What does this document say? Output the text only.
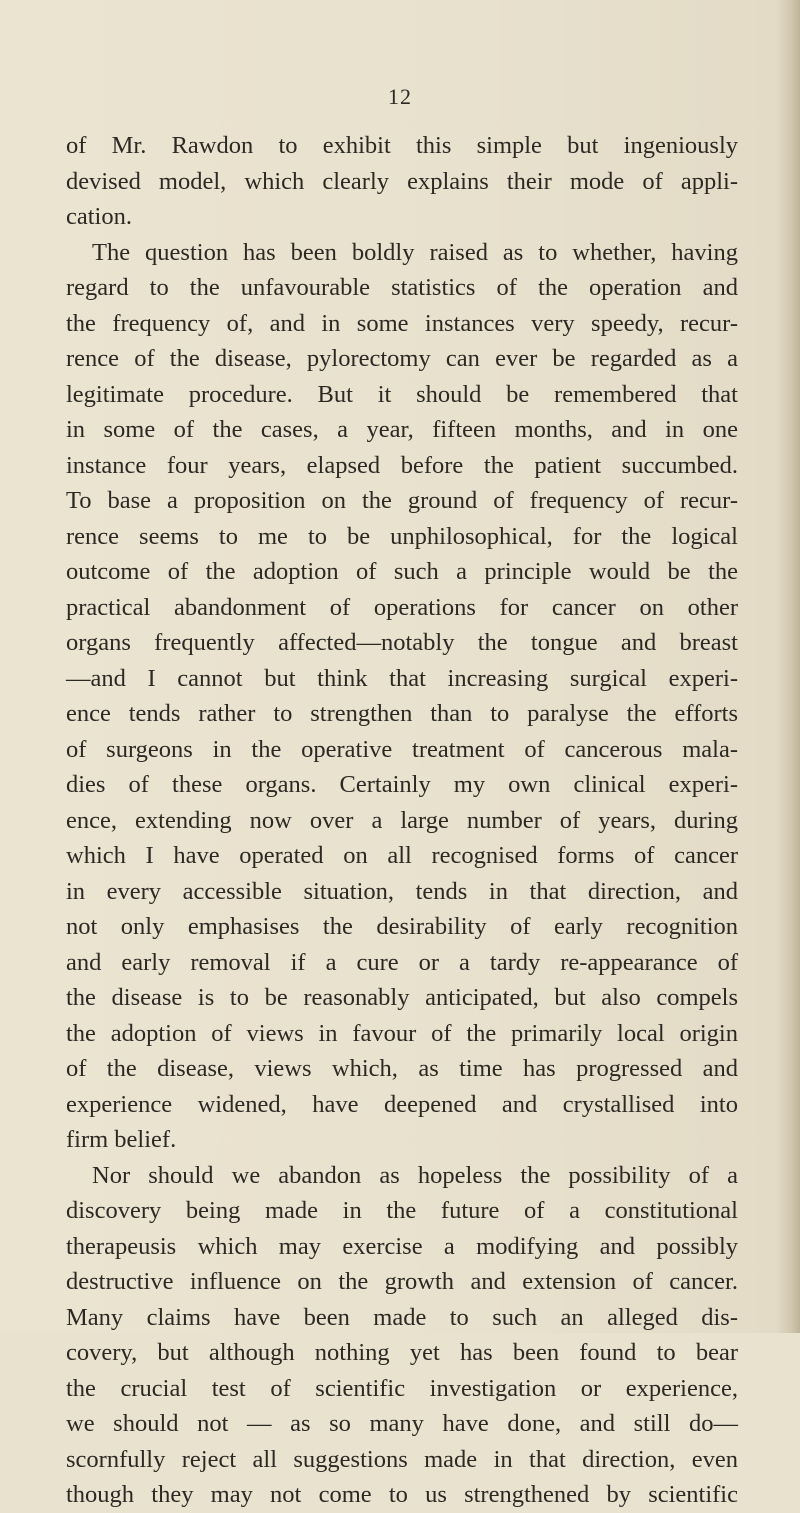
12
of Mr. Rawdon to exhibit this simple but ingeniously
devised model, which clearly explains their mode of appli-
cation.
The question has been boldly raised as to whether, having
regard to the unfavourable statistics of the operation and
the frequency of, and in some instances very speedy, recur-
rence of the disease, pylorectomy can ever be regarded as a
legitimate procedure. But it should be remembered that
in some of the cases, a year, fifteen months, and in one
instance four years, elapsed before the patient succumbed.
To base a proposition on the ground of frequency of recur-
rence seems to me to be unphilosophical, for the logical
outcome of the adoption of such a principle would be the
practical abandonment of operations for cancer on other
organs frequently affected—notably the tongue and breast
—and I cannot but think that increasing surgical experi-
ence tends rather to strengthen than to paralyse the efforts
of surgeons in the operative treatment of cancerous mala-
dies of these organs. Certainly my own clinical experi-
ence, extending now over a large number of years, during
which I have operated on all recognised forms of cancer
in every accessible situation, tends in that direction, and
not only emphasises the desirability of early recognition
and early removal if a cure or a tardy re-appearance of
the disease is to be reasonably anticipated, but also compels
the adoption of views in favour of the primarily local origin
of the disease, views which, as time has progressed and
experience widened, have deepened and crystallised into
firm belief.
Nor should we abandon as hopeless the possibility of a
discovery being made in the future of a constitutional
therapeusis which may exercise a modifying and possibly
destructive influence on the growth and extension of cancer.
Many claims have been made to such an alleged dis-
covery, but although nothing yet has been found to bear
the crucial test of scientific investigation or experience,
we should not — as so many have done, and still do—
scornfully reject all suggestions made in that direction, even
though they may not come to us strengthened by scientific
